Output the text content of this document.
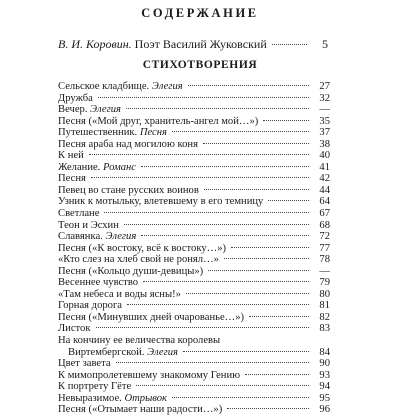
СОДЕРЖАНИЕ
В. И. Коровин.
Поэт Василий Жуковский	5
СТИХОТВОРЕНИЯ
Сельское кладбище.
Элегия	27
Дружба	32
Вечер.
Элегия	—
Песня («Мой друг, хранитель-ангел мой…»)	35
Путешественник.
Песня	37
Песня араба над могилою коня	38
К ней	40
Желание.
Романс	41
Песня	42
Певец во стане русских воинов	44
Узник к мотыльку, влетевшему в его темницу	64
Светлане	67
Теон и Эсхин	68
Славянка.
Элегия	72
Песня («К востоку, всё к востоку…»)	77
«Кто слез на хлеб свой не ронял…»	78
Песня («Кольцо души-девицы»)	—
Весеннее чувство	79
«Там небеса и воды ясны!»	80
Горная дорога	81
Песня («Минувших дней очарованье…»)	82
Листок	83
На кончину ее величества королевы
Виртембергской.
Элегия	84
Цвет завета	90
К мимопролетевшему знакомому Гению	93
К портрету Гёте	94
Невыразимое.
Отрывок	95
Песня («Отымает наши радости…»)	96
